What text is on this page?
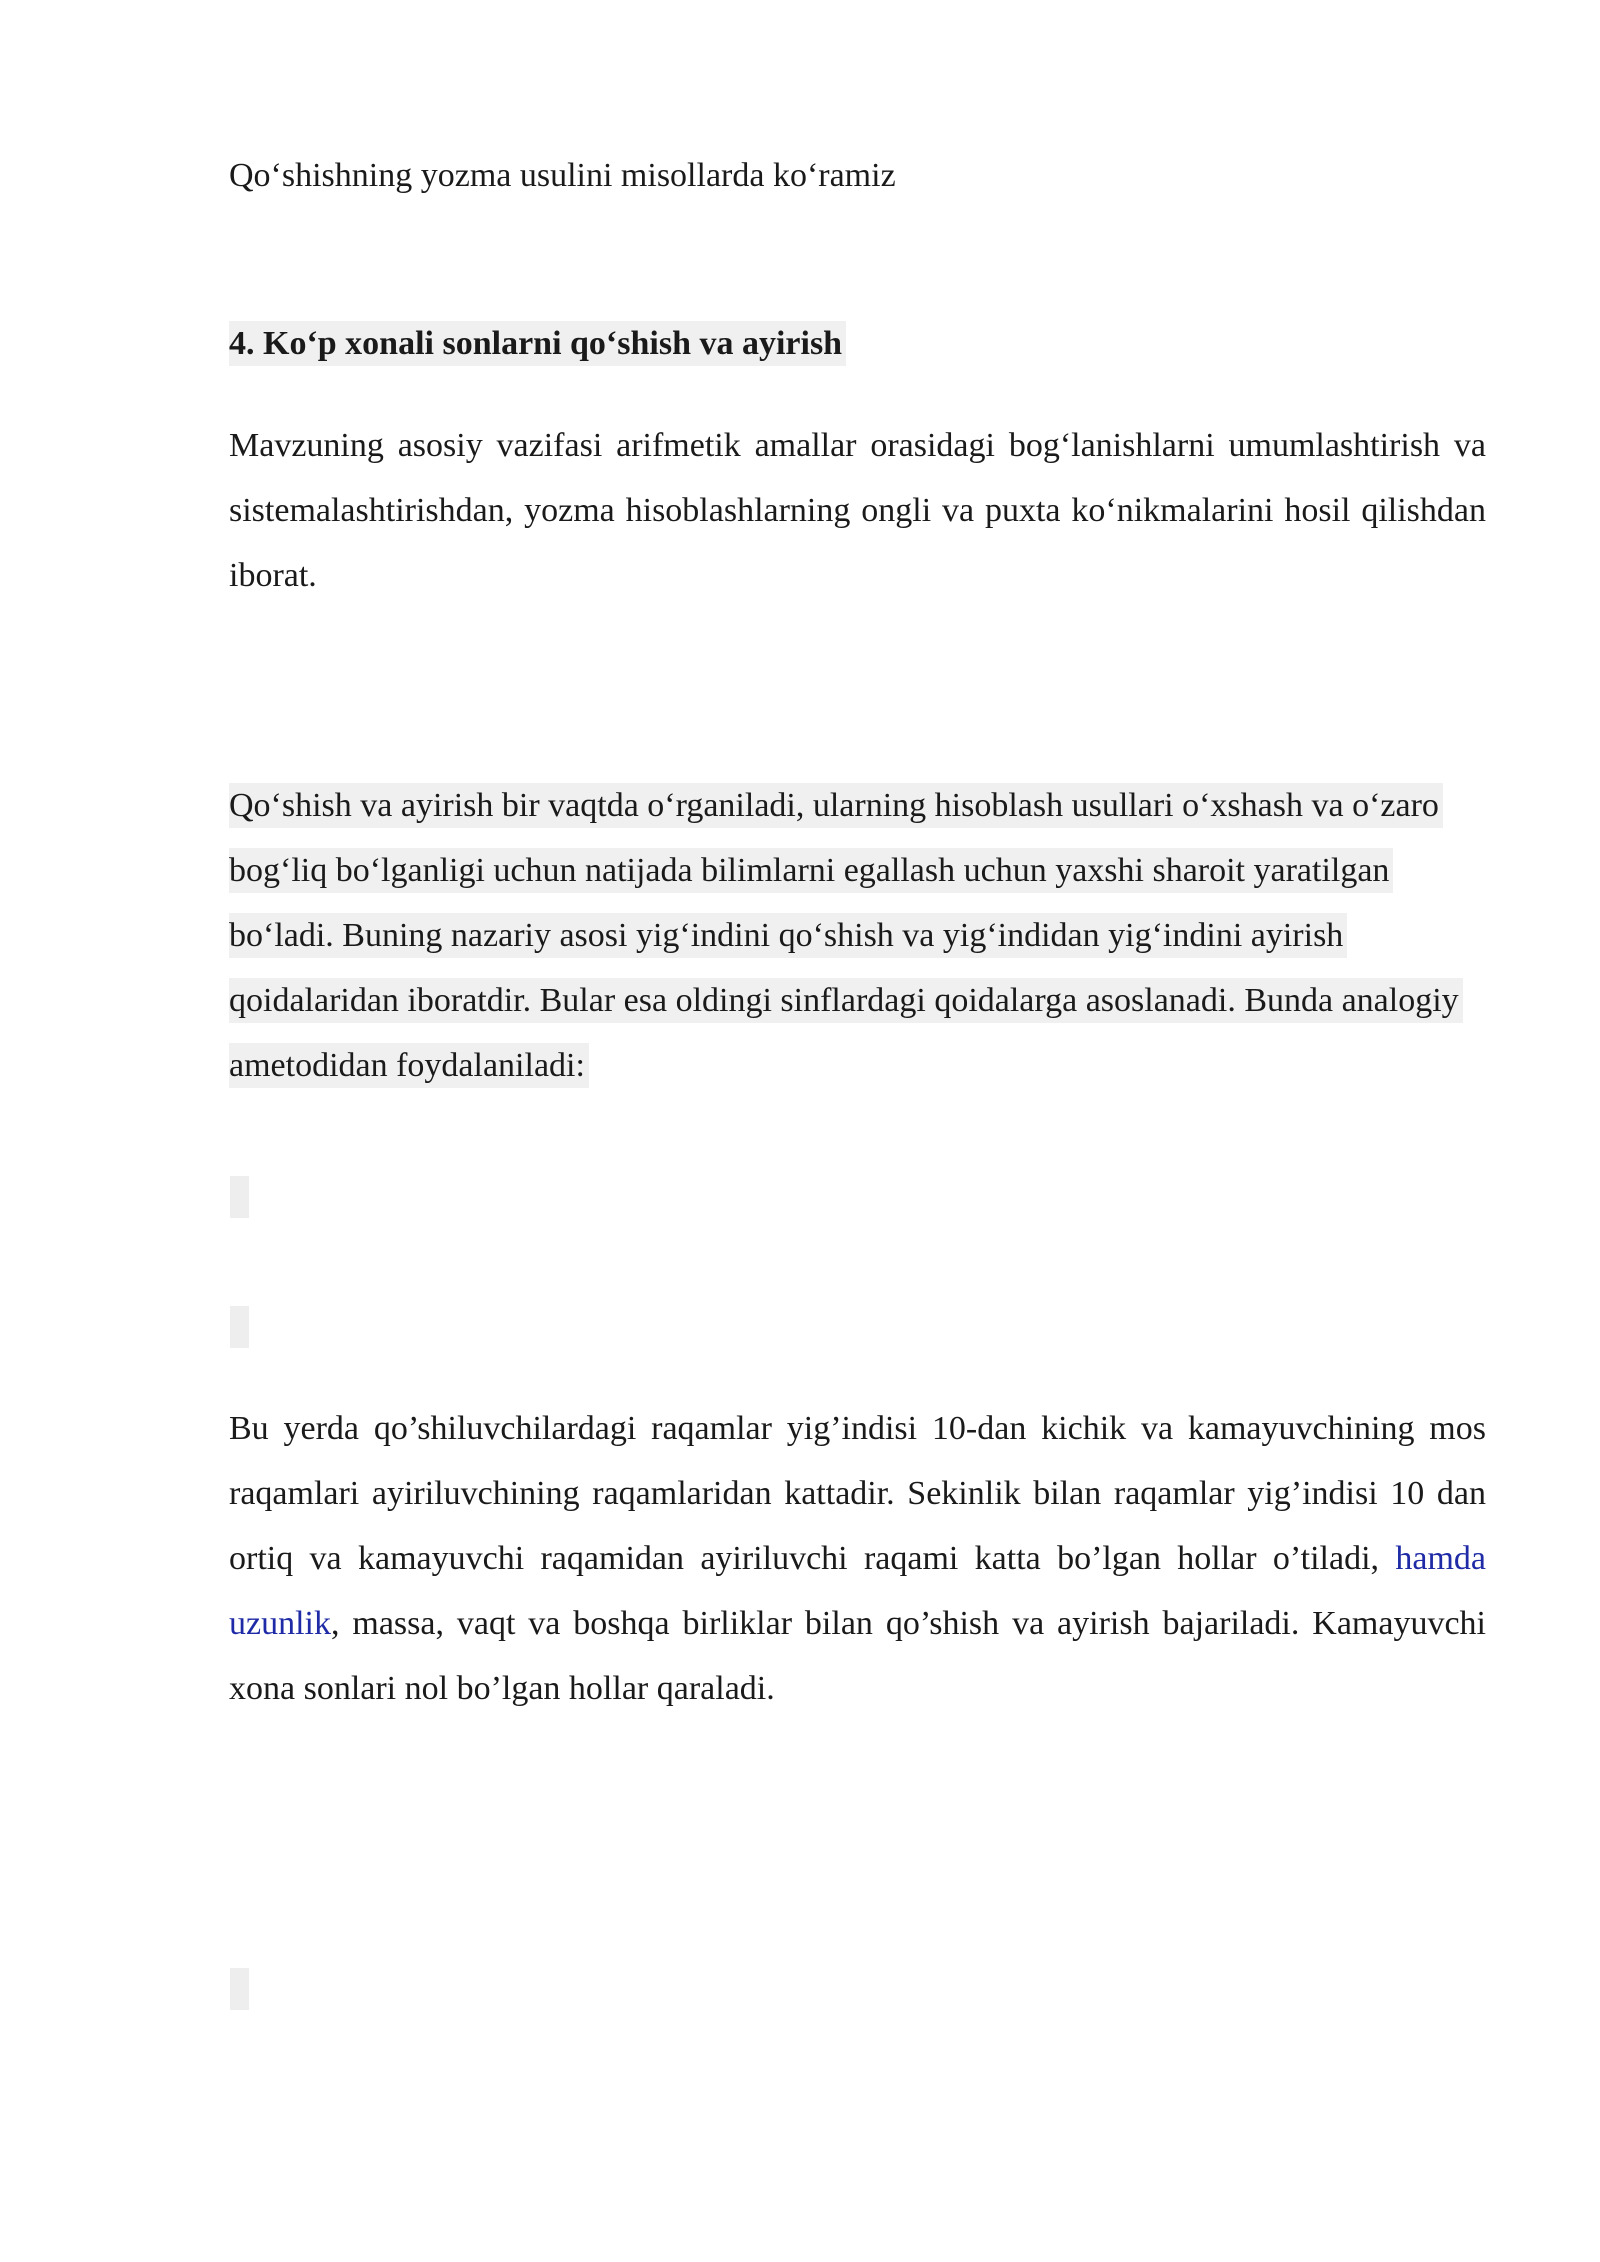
Qo‘shishning yozma usulini misollarda ko‘ramiz

4. Ko‘p xonali sonlarni qo‘shish va ayirish

Mavzuning asosiy vazifasi arifmetik amallar orasidagi bog‘lanishlarni umumlashtirish va sistemalashtirishdan, yozma hisoblashlarning ongli va puxta ko‘nikmalarini hosil qilishdan iborat.

Qo‘shish va ayirish bir vaqtda o‘rganiladi, ularning hisoblash usullari o‘xshash va o‘zaro bog‘liq bo‘lganligi uchun natijada bilimlarni egallash uchun yaxshi sharoit yaratilgan bo‘ladi. Buning nazariy asosi yig‘indini qo‘shish va yig‘indidan yig‘indini ayirish qoidalaridan iboratdir. Bular esa oldingi sinflardagi qoidalarga asoslanadi. Bunda analogiy ametodidan foydalaniladi:

Bu yerda qo’shiluvchilardagi raqamlar yig’indisi 10-dan kichik va kamayuvchining mos raqamlari ayiriluvchining raqamlaridan kattadir. Sekinlik bilan raqamlar yig’indisi 10 dan ortiq va kamayuvchi raqamidan ayiriluvchi raqami katta bo’lgan hollar o’tiladi, hamda uzunlik, massa, vaqt va boshqa birliklar bilan qo’shish va ayirish bajariladi. Kamayuvchi xona sonlari nol bo’lgan hollar qaraladi.
